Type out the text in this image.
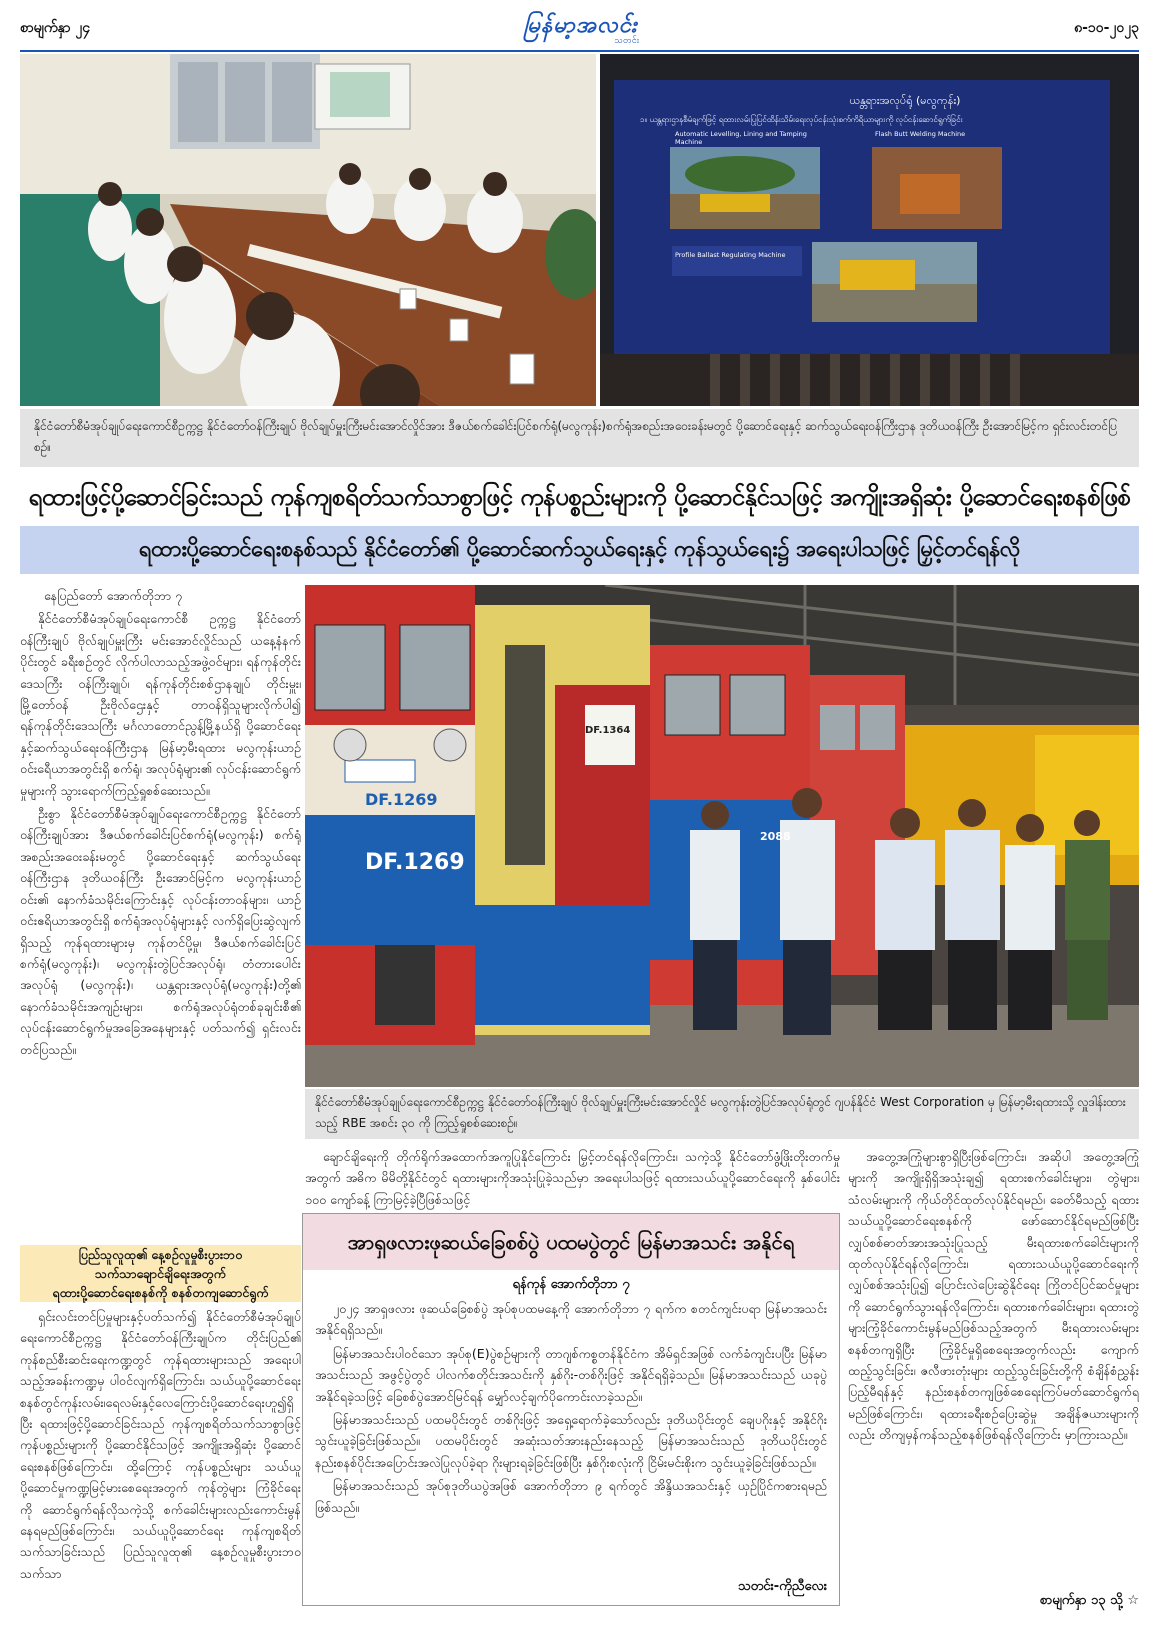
စာမျက်နှာ ၂၄	မြန်မာ့အလင်း
သတင်း
၈-၁၀-၂၀၂၃
ယန္တရားအလုပ်ရုံ (မလွကုန်း)
၁။ ယန္တရားဌာနစီမံချက်ဖြင့် ရထားလမ်းပြုပြင်ထိန်းသိမ်းရေးလုပ်ငန်းသုံးစက်ကိရိယာများကို လုပ်ငန်းဆောင်ရွက်ခြင်း
Automatic Levelling, Lining and Tamping Machine
Flash Butt Welding Machine
Profile Ballast Regulating Machine
နိုင်ငံတော်စီမံအုပ်ချုပ်ရေးကောင်စီဥက္ကဋ္ဌ နိုင်ငံတော်ဝန်ကြီးချုပ် ဗိုလ်ချုပ်မှူးကြီးမင်းအောင်လှိုင်အား ဒီဇယ်စက်ခေါင်းပြင်စက်ရုံ(မလွကုန်း)စက်ရုံအစည်းအဝေးခန်းမတွင် ပို့ဆောင်ရေးနှင့် ဆက်သွယ်ရေးဝန်ကြီးဌာန ဒုတိယဝန်ကြီး ဦးအောင်မြင့်က ရှင်းလင်းတင်ပြစဉ်။
ရထားဖြင့်ပို့ဆောင်ခြင်းသည် ကုန်ကျစရိတ်သက်သာစွာဖြင့် ကုန်ပစ္စည်းများကို ပို့ဆောင်နိုင်သဖြင့် အကျိုးအရှိဆုံး ပို့ဆောင်ရေးစနစ်ဖြစ်
ရထားပို့ဆောင်ရေးစနစ်သည် နိုင်ငံတော်၏ ပို့ဆောင်ဆက်သွယ်ရေးနှင့် ကုန်သွယ်ရေး၌ အရေးပါသဖြင့် မြှင့်တင်ရန်လို

နေပြည်တော် အောက်တိုဘာ ၇

နိုင်ငံတော်စီမံအုပ်ချုပ်ရေးကောင်စီ ဥက္ကဋ္ဌ နိုင်ငံတော်ဝန်ကြီးချုပ် ဗိုလ်ချုပ်မှူးကြီး မင်းအောင်လှိုင်သည် ယနေ့နံနက်ပိုင်းတွင် ခရီးစဉ်တွင် လိုက်ပါလာသည့်အဖွဲ့ဝင်များ၊ ရန်ကုန်တိုင်းဒေသကြီး ဝန်ကြီးချုပ်၊ ရန်ကုန်တိုင်းစစ်ဌာနချုပ် တိုင်းမှူး၊ မြို့တော်ဝန် ဦးဗိုလ်ဌေးနှင့် တာဝန်ရှိသူများလိုက်ပါ၍ ရန်ကုန်တိုင်းဒေသကြီး မင်္ဂလာတောင်ညွန့်မြို့နယ်ရှိ ပို့ဆောင်ရေးနှင့်ဆက်သွယ်ရေးဝန်ကြီးဌာန မြန်မာ့မီးရထား မလွကုန်းယာဉ်ဝင်းရေီယာအတွင်းရှိ စက်ရုံ၊ အလုပ်ရုံများ၏ လုပ်ငန်းဆောင်ရွက်မှုများကို သွားရောက်ကြည့်ရှုစစ်ဆေးသည်။

ဦးစွာ နိုင်ငံတော်စီမံအုပ်ချုပ်ရေးကောင်စီဥက္ကဋ္ဌ နိုင်ငံတော်ဝန်ကြီးချုပ်အား ဒီဇယ်စက်ခေါင်းပြင်စက်ရုံ(မလွကုန်း) စက်ရုံအစည်းအဝေးခန်းမတွင် ပို့ဆောင်ရေးနှင့် ဆက်သွယ်ရေးဝန်ကြီးဌာန ဒုတိယဝန်ကြီး ဦးအောင်မြင့်က မလွကုန်းယာဉ်ဝင်း၏ နောက်ခံသမိုင်းကြောင်းနှင့် လုပ်ငန်းတာဝန်များ၊ ယာဉ်ဝင်းဧရိယာအတွင်းရှိ စက်ရုံအလုပ်ရုံများနှင့် လက်ရှိပြေးဆွဲလျက်ရှိသည့် ကုန်ရထားများမှ ကုန်တင်ပို့မှု၊ ဒီဇယ်စက်ခေါင်းပြင်စက်ရုံ(မလွကုန်း)၊ မလွကုန်းတွဲပြင်အလုပ်ရုံ၊ တံတားပေါင်းအလုပ်ရုံ (မလွကုန်း)၊ ယန္တရားအလုပ်ရုံ(မလွကုန်း)တို့၏ နောက်ခံသမိုင်းအကျဉ်းများ၊ စက်ရုံအလုပ်ရုံတစ်ခုချင်းစီ၏ လုပ်ငန်းဆောင်ရွက်မှုအခြေအနေများနှင့် ပတ်သက်၍ ရှင်းလင်းတင်ပြသည်။

ပြည်သူလူထု၏ နေ့စဉ်လူမှုစီးပွားဘဝ
သက်သာချောင်ချိရေးအတွက်
ရထားပို့ဆောင်ရေးစနစ်ကို စနစ်တကျဆောင်ရွက်

ရှင်းလင်းတင်ပြမှုများနှင့်ပတ်သက်၍ နိုင်ငံတော်စီမံအုပ်ချုပ်ရေးကောင်စီဥက္ကဋ္ဌ နိုင်ငံတော်ဝန်ကြီးချုပ်က တိုင်းပြည်၏ ကုန်စည်စီးဆင်းရေးကဏ္ဍတွင် ကုန်ရထားများသည် အရေးပါသည့်အခန်းကဏ္ဍမှ ပါဝင်လျက်ရှိကြောင်း၊ သယ်ယူပို့ဆောင်ရေးစနစ်တွင်ကုန်းလမ်း၊ရေလမ်းနှင့်လေကြောင်းပို့ဆောင်ရေးဟူ၍ရှိပြီး ရထားဖြင့်ပို့ဆောင်ခြင်းသည် ကုန်ကျစရိတ်သက်သာစွာဖြင့် ကုန်ပစ္စည်းများကို ပို့ဆောင်နိုင်သဖြင့် အကျိုးအရှိဆုံး ပို့ဆောင်ရေးစနစ်ဖြစ်ကြောင်း၊ ထို့ကြောင့် ကုန်ပစ္စည်းများ သယ်ယူပို့ဆောင်မှုကဏ္ဍမြင့်မားစေရေးအတွက် ကုန်တွဲများ ကြံခိုင်ရေးကို ဆောင်ရွက်ရန်လိုသကဲ့သို့ စက်ခေါင်းများလည်းကောင်းမွန်နေရမည်ဖြစ်ကြောင်း၊ သယ်ယူပို့ဆောင်ရေး ကုန်ကျစရိတ်သက်သာခြင်းသည် ပြည်သူလူထု၏ နေ့စဉ်လူမှုစီးပွားဘဝ သက်သာ

DF.1269
DF.1269
DF.1364
2088
နိုင်ငံတော်စီမံအုပ်ချုပ်ရေးကောင်စီဥက္ကဋ္ဌ နိုင်ငံတော်ဝန်ကြီးချုပ် ဗိုလ်ချုပ်မှူးကြီးမင်းအောင်လှိုင် မလွကုန်းတွဲပြင်အလုပ်ရုံတွင် ဂျပန်နိုင်ငံ West Corporation မှ မြန်မာ့မီးရထားသို့ လှူဒါန်းထားသည့် RBE အစင်း ၃၀ ကို ကြည့်ရှုစစ်ဆေးစဉ်။

ချောင်ချိရေးကို တိုက်ရိုက်အထောက်အကူပြုနိုင်ကြောင်း မြှင့်တင်ရန်လိုကြောင်း၊ သကဲ့သို့ နိုင်ငံတော်ဖွံ့ဖြိုးတိုးတက်မှုအတွက် အဓိက မိမိတို့နိုင်ငံတွင် ရထားများကိုအသုံးပြုခဲ့သည်မှာ အရေးပါသဖြင့် ရထားသယ်ယူပို့ဆောင်ရေးကို နှစ်ပေါင်း ၁၀၀ ကျော်ခန့် ကြာမြင့်ခဲ့ပြီဖြစ်သဖြင့်

အာရှဖလားဖုဆယ်ခြေစစ်ပွဲ ပထမပွဲတွင် မြန်မာအသင်း အနိုင်ရ
ရန်ကုန် အောက်တိုဘာ ၇

၂၀၂၄ အာရှဖလား ဖုဆယ်ခြေစစ်ပွဲ အုပ်စုပထမနေ့ကို အောက်တိုဘာ ၇ ရက်က စတင်ကျင်းပရာ မြန်မာအသင်းအနိုင်ရရှိသည်။

မြန်မာအသင်းပါဝင်သော အုပ်စု(E)ပွဲစဉ်များကို တာဂျစ်ကစ္စတန်နိုင်ငံက အိမ်ရှင်အဖြစ် လက်ခံကျင်းပပြီး မြန်မာအသင်းသည် အဖွင့်ပွဲတွင် ပါလက်စတိုင်းအသင်းကို နှစ်ဂိုး-တစ်ဂိုးဖြင့် အနိုင်ရရှိခဲ့သည်။ မြန်မာအသင်းသည် ယခုပွဲအနိုင်ရခဲ့သဖြင့် ခြေစစ်ပွဲအောင်မြင်ရန် မျှော်လင့်ချက်ပိုကောင်းလာခဲ့သည်။

မြန်မာအသင်းသည် ပထမပိုင်းတွင် တစ်ဂိုးဖြင့် အရှေ့ရောက်ခဲ့သော်လည်း ဒုတိယပိုင်းတွင် ချေပဂိုးနှင့် အနိုင်ဂိုးသွင်းယူခဲ့ခြင်းဖြစ်သည်။ ပထမပိုင်းတွင် အဆုံးသတ်အားနည်းနေသည့် မြန်မာအသင်းသည် ဒုတိယပိုင်းတွင် နည်းစနစ်ပိုင်းအပြောင်းအလဲပြုလုပ်ခဲ့ရာ ဂိုးများရခဲ့ခြင်းဖြစ်ပြီး နှစ်ဂိုးစလုံးကို ငြိမ်းမင်းစိုးက သွင်းယူခဲ့ခြင်းဖြစ်သည်။

မြန်မာအသင်းသည် အုပ်စုဒုတိယပွဲအဖြစ် အောက်တိုဘာ ၉ ရက်တွင် အိန္ဒိယအသင်းနှင့် ယှဉ်ပြိုင်ကစားရမည်ဖြစ်သည်။

သတင်း-ကိုညီလေး

အတွေ့အကြုံများစွာရှိပြီးဖြစ်ကြောင်း၊ အဆိုပါ အတွေ့အကြုံများကို အကျိုးရှိရှိအသုံးချ၍ ရထားစက်ခေါင်းများ၊ တွဲများ၊ သံလမ်းများကို ကိုယ်တိုင်ထုတ်လုပ်နိုင်ရမည်၊ ခေတ်မီသည့် ရထားသယ်ယူပို့ဆောင်ရေးစနစ်ကို ဖော်ဆောင်နိုင်ရမည်ဖြစ်ပြီး လျှပ်စစ်ဓာတ်အားအသုံးပြုသည့် မီးရထားစက်ခေါင်းများကို ထုတ်လုပ်နိုင်ရန်လိုကြောင်း၊ ရထားသယ်ယူပို့ဆောင်ရေးကို လျှပ်စစ်အသုံးပြု၍ ပြောင်းလဲပြေးဆွဲနိုင်ရေး ကြိုတင်ပြင်ဆင်မှုများကို ဆောင်ရွက်သွားရန်လိုကြောင်း၊ ရထားစက်ခေါင်းများ၊ ရထားတွဲများကြံ့ခိုင်ကောင်းမွန်မည်ဖြစ်သည့်အတွက် မီးရထားလမ်းများ စနစ်တကျရှိပြီး ကြံ့ခိုင်မှုရှိစေရေးအတွက်လည်း ကျောက်ထည့်သွင်းခြင်း၊ ဇလီဖားတုံးများ ထည့်သွင်းခြင်းတို့ကို စံချိန်စံညွှန်းပြည့်မီရန်နှင့် နည်းစနစ်တကျဖြစ်စေရေးကြပ်မတ်ဆောင်ရွက်ရမည်ဖြစ်ကြောင်း၊ ရထားခရီးစဉ်ပြေးဆွဲမှု အချိန်ဇယားများကိုလည်း တိကျမှန်ကန်သည့်စနစ်ဖြစ်ရန်လိုကြောင်း မှာကြားသည်။

စာမျက်နှာ ၁၃ သို့ ☆
